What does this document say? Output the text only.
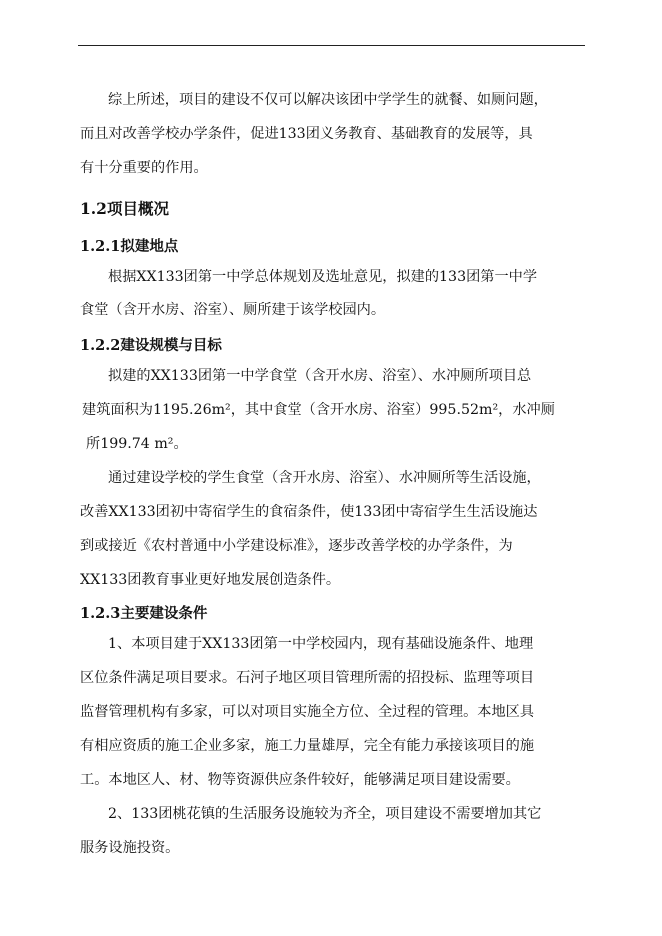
综上所述，项目的建设不仅可以解决该团中学学生的就餐、如厕问题，
而且对改善学校办学条件，促进133团义务教育、基础教育的发展等，具
有十分重要的作用。
1.2项目概况
1.2.1拟建地点
根据XX133团第一中学总体规划及选址意见，拟建的133团第一中学
食堂（含开水房、浴室）、厕所建于该学校园内。
1.2.2建设规模与目标
拟建的XX133团第一中学食堂（含开水房、浴室）、水冲厕所项目总
建筑面积为1195.26m²，其中食堂（含开水房、浴室）995.52m²，水冲厕
所199.74 m²。
通过建设学校的学生食堂（含开水房、浴室）、水冲厕所等生活设施，
改善XX133团初中寄宿学生的食宿条件，使133团中寄宿学生生活设施达
到或接近《农村普通中小学建设标准》，逐步改善学校的办学条件，为
XX133团教育事业更好地发展创造条件。
1.2.3主要建设条件
1、本项目建于XX133团第一中学校园内，现有基础设施条件、地理
区位条件满足项目要求。石河子地区项目管理所需的招投标、监理等项目
监督管理机构有多家，可以对项目实施全方位、全过程的管理。本地区具
有相应资质的施工企业多家，施工力量雄厚，完全有能力承接该项目的施
工。本地区人、材、物等资源供应条件较好，能够满足项目建设需要。
2、133团桃花镇的生活服务设施较为齐全，项目建设不需要增加其它
服务设施投资。
